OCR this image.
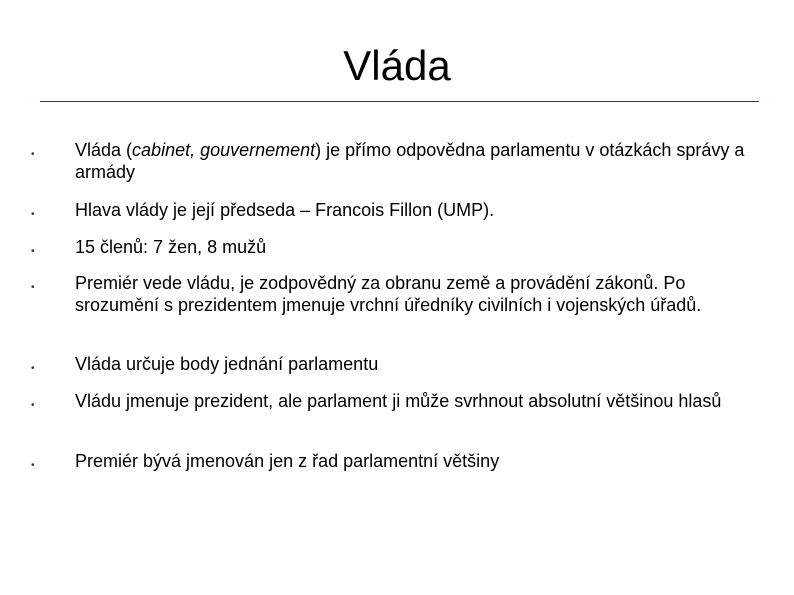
Vláda
•	Vláda (cabinet, gouvernement) je přímo odpovědna parlamentu v otázkách správy a armády
•	Hlava vlády je její předseda – Francois Fillon (UMP).
•	15 členů: 7 žen, 8 mužů
•	Premiér vede vládu, je zodpovědný za obranu země a provádění zákonů. Po srozumění s prezidentem jmenuje vrchní úředníky civilních i vojenských úřadů.
•	Vláda určuje body jednání parlamentu
•	Vládu jmenuje prezident, ale parlament ji může svrhnout absolutní většinou hlasů
•	Premiér bývá jmenován jen z řad parlamentní většiny
